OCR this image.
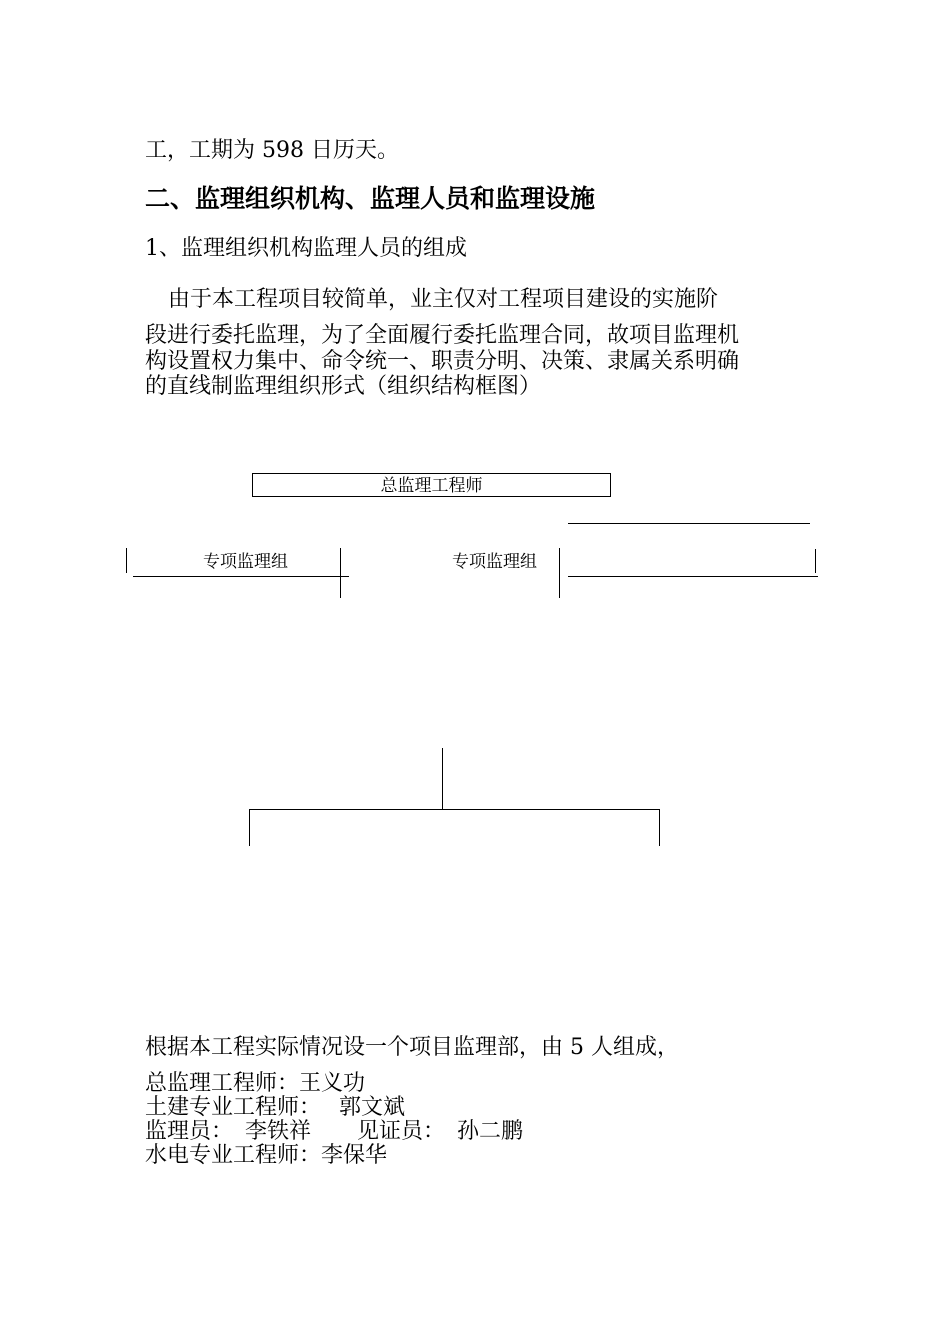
工，工期为 598 日历天。
二、监理组织机构、监理人员和监理设施
1、监理组织机构监理人员的组成
由于本工程项目较简单，业主仅对工程项目建设的实施阶
段进行委托监理，为了全面履行委托监理合同，故项目监理机
构设置权力集中、命令统一、职责分明、决策、隶属关系明确
的直线制监理组织形式（组织结构框图）
总监理工程师
专项监理组	专项监理组
根据本工程实际情况设一个项目监理部，由 5 人组成，
总监理工程师：王义功
土建专业工程师： 郭文斌
监理员： 李铁祥 见证员： 孙二鹏
水电专业工程师：李保华
